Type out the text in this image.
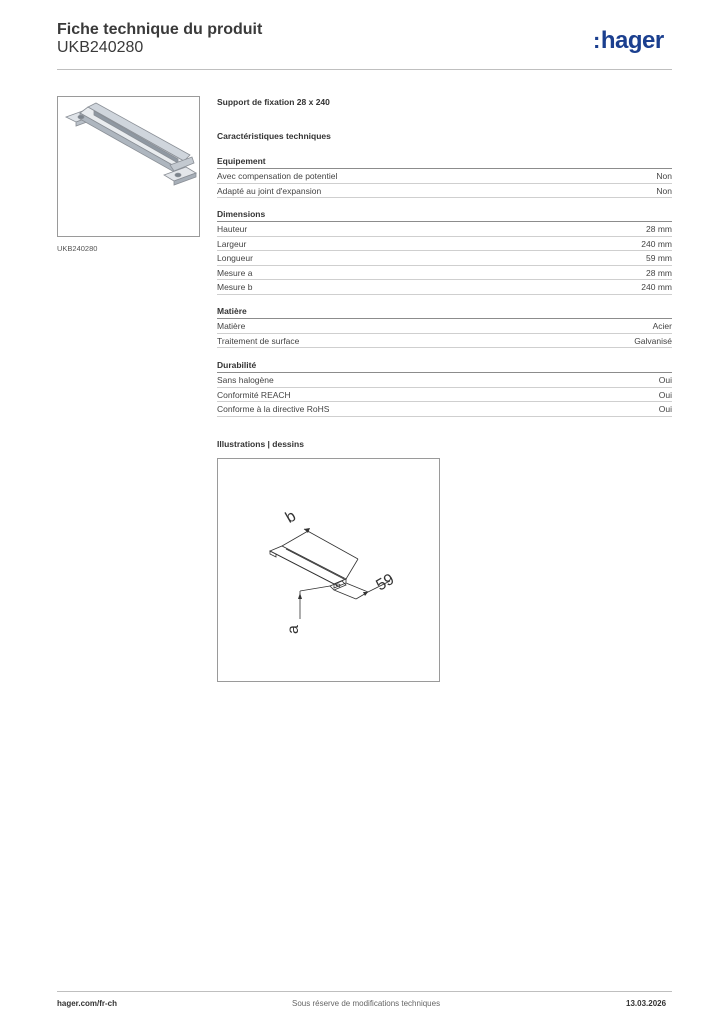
Fiche technique du produit
UKB240280	:hager
UKB240280
Support de fixation 28 x 240
Caractéristiques techniques
Equipement
Avec compensation de potentiel	Non
Adapté au joint d'expansion	Non
Dimensions
Hauteur	28 mm
Largeur	240 mm
Longueur	59 mm
Mesure a	28 mm
Mesure b	240 mm
Matière
Matière	Acier
Traitement de surface	Galvanisé
Durabilité
Sans halogène	Oui
Conformité REACH	Oui
Conforme à la directive RoHS	Oui
Illustrations | dessins
b
59
a
hager.com/fr-ch	Sous réserve de modifications techniques	13.03.2026
